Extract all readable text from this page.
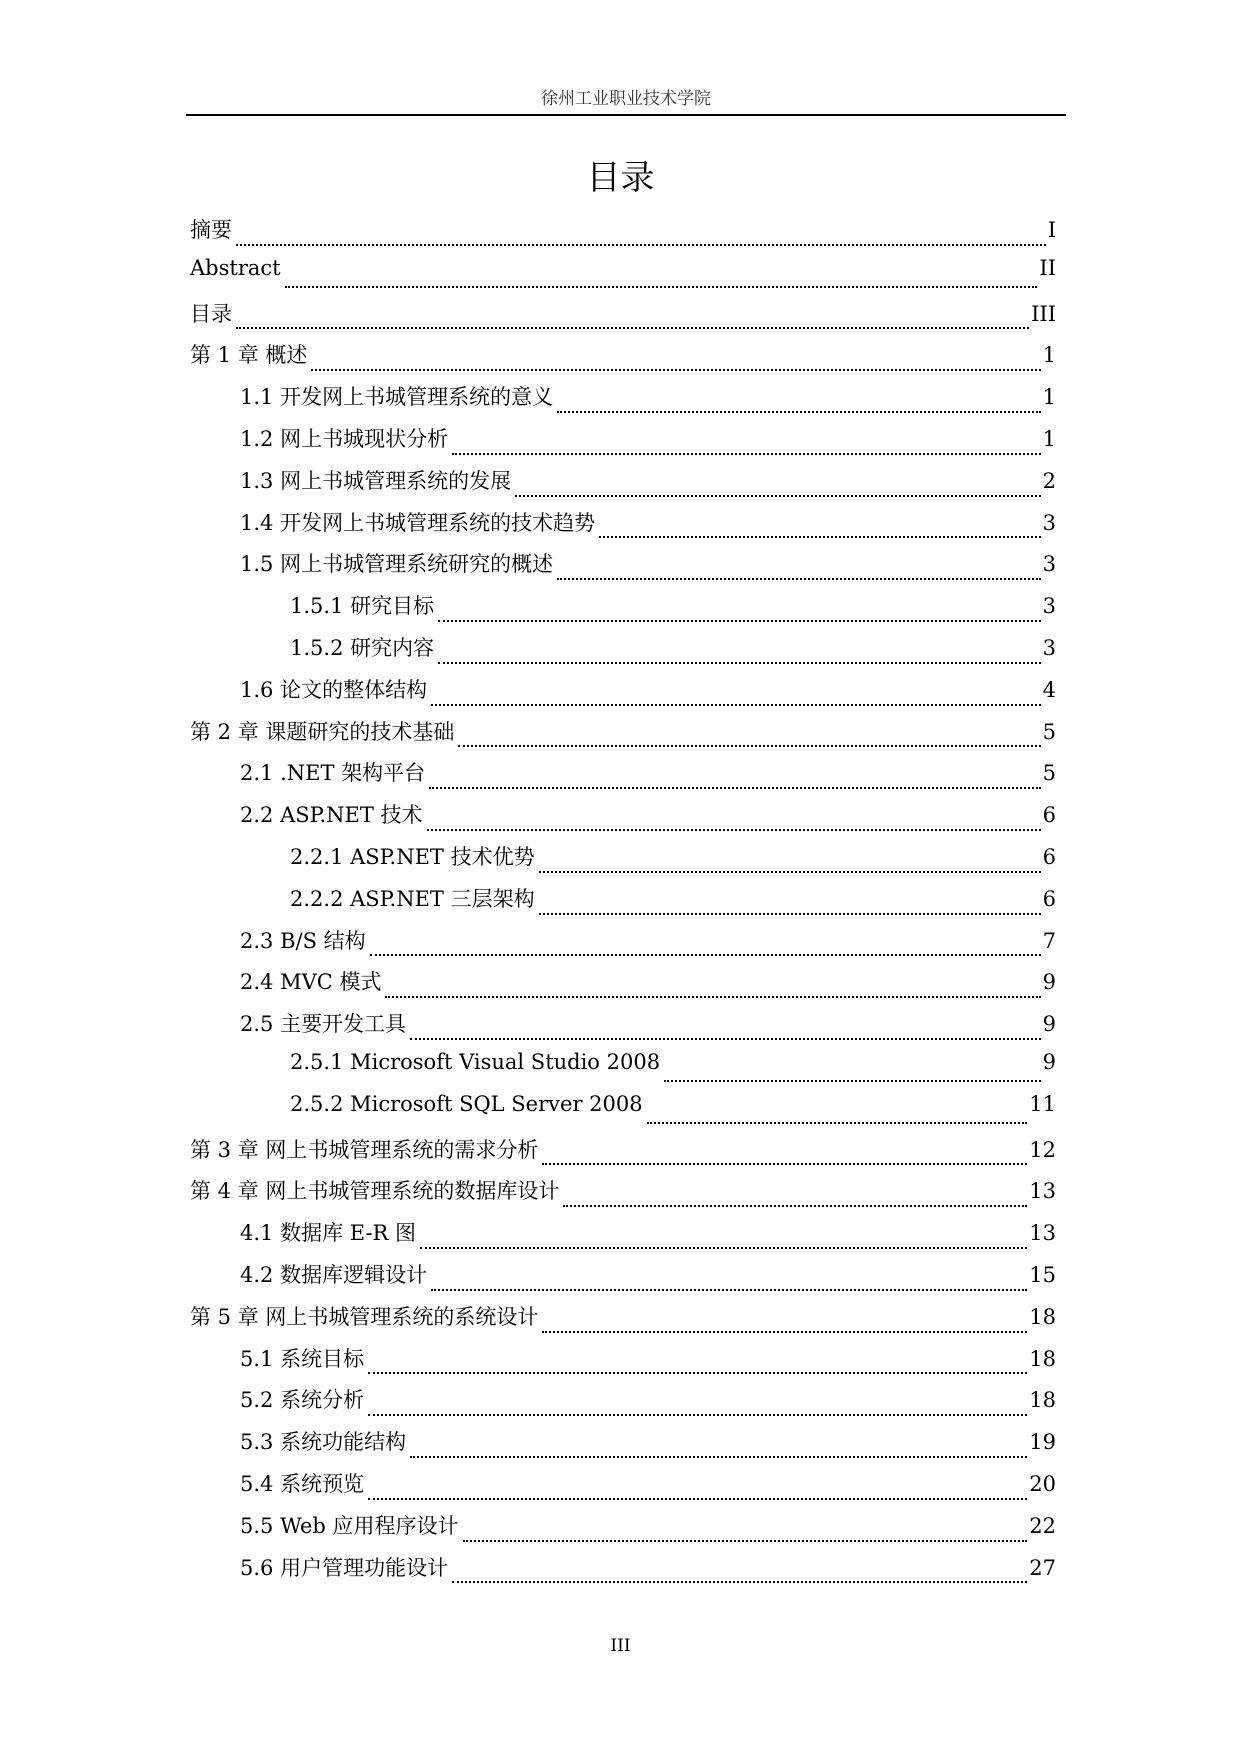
徐州工业职业技术学院
目录
摘要	I
Abstract	II
目录	III
第 1 章 概述	1
1.1 开发网上书城管理系统的意义	1
1.2 网上书城现状分析	1
1.3 网上书城管理系统的发展	2
1.4 开发网上书城管理系统的技术趋势	3
1.5 网上书城管理系统研究的概述	3
1.5.1 研究目标	3
1.5.2 研究内容	3
1.6 论文的整体结构	4
第 2 章 课题研究的技术基础	5
2.1 .NET 架构平台	5
2.2 ASP.NET 技术	6
2.2.1 ASP.NET 技术优势	6
2.2.2 ASP.NET 三层架构	6
2.3 B/S 结构	7
2.4 MVC 模式	9
2.5 主要开发工具	9
2.5.1 Microsoft Visual Studio 2008	9
2.5.2 Microsoft SQL Server 2008	11
第 3 章 网上书城管理系统的需求分析	12
第 4 章 网上书城管理系统的数据库设计	13
4.1 数据库 E-R 图	13
4.2 数据库逻辑设计	15
第 5 章 网上书城管理系统的系统设计	18
5.1 系统目标	18
5.2 系统分析	18
5.3 系统功能结构	19
5.4 系统预览	20
5.5 Web 应用程序设计	22
5.6 用户管理功能设计	27
III
